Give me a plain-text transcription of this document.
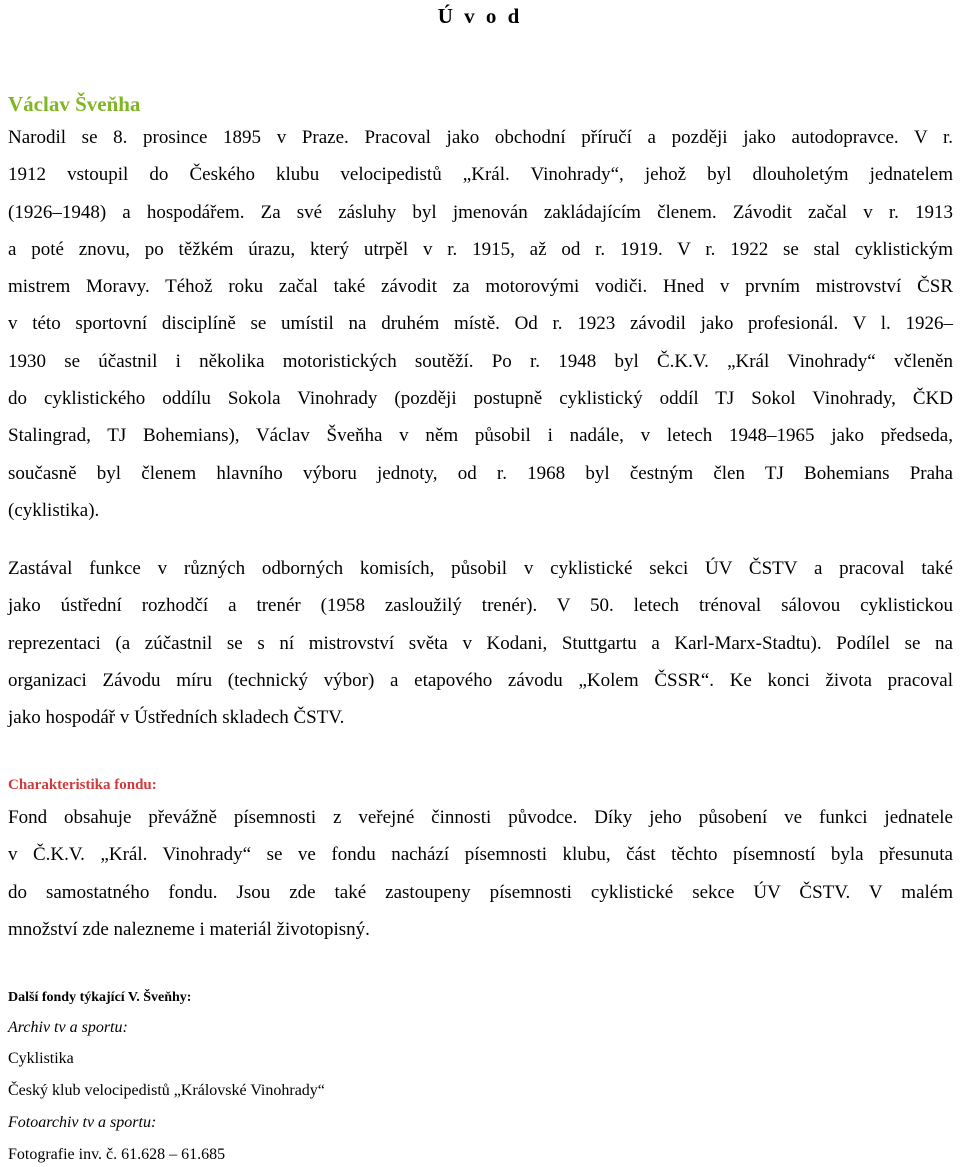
Ú v o d
Václav Šveňha
Narodil se 8. prosince 1895 v Praze. Pracoval jako obchodní příručí a později jako autodopravce. V r.
1912 vstoupil do Českého klubu velocipedistů „Král. Vinohrady“, jehož byl dlouholetým jednatelem
(1926–1948) a hospodářem. Za své zásluhy byl jmenován zakládajícím členem. Závodit začal v r. 1913
a poté znovu, po těžkém úrazu, který utrpěl v r. 1915, až od r. 1919. V r. 1922 se stal cyklistickým
mistrem Moravy. Téhož roku začal také závodit za motorovými vodiči. Hned v prvním mistrovství ČSR
v této sportovní disciplíně se umístil na druhém místě. Od r. 1923 závodil jako profesionál. V l. 1926–
1930 se účastnil i několika motoristických soutěží. Po r. 1948 byl Č.K.V. „Král Vinohrady“ včleněn
do cyklistického oddílu Sokola Vinohrady (později postupně cyklistický oddíl TJ Sokol Vinohrady, ČKD
Stalingrad, TJ Bohemians), Václav Šveňha v něm působil i nadále, v letech 1948–1965 jako předseda,
současně byl členem hlavního výboru jednoty, od r. 1968 byl čestným člen TJ Bohemians Praha
(cyklistika).
Zastával funkce v různých odborných komisích, působil v cyklistické sekci ÚV ČSTV a pracoval také
jako ústřední rozhodčí a trenér (1958 zasloužilý trenér). V 50. letech trénoval sálovou cyklistickou
reprezentaci (a zúčastnil se s ní mistrovství světa v Kodani, Stuttgartu a Karl-Marx-Stadtu). Podílel se na
organizaci Závodu míru (technický výbor) a etapového závodu „Kolem ČSSR“. Ke konci života pracoval
jako hospodář v Ústředních skladech ČSTV.
Charakteristika fondu:
Fond obsahuje převážně písemnosti z veřejné činnosti původce. Díky jeho působení ve funkci jednatele
v Č.K.V. „Král. Vinohrady“ se ve fondu nachází písemnosti klubu, část těchto písemností byla přesunuta
do samostatného fondu. Jsou zde také zastoupeny písemnosti cyklistické sekce ÚV ČSTV. V malém
množství zde nalezneme i materiál životopisný.
Další fondy týkající V. Šveňhy:
Archiv tv a sportu:
Cyklistika
Český klub velocipedistů „Královské Vinohrady“
Fotoarchiv tv a sportu:
Fotografie inv. č. 61.628 – 61.685
